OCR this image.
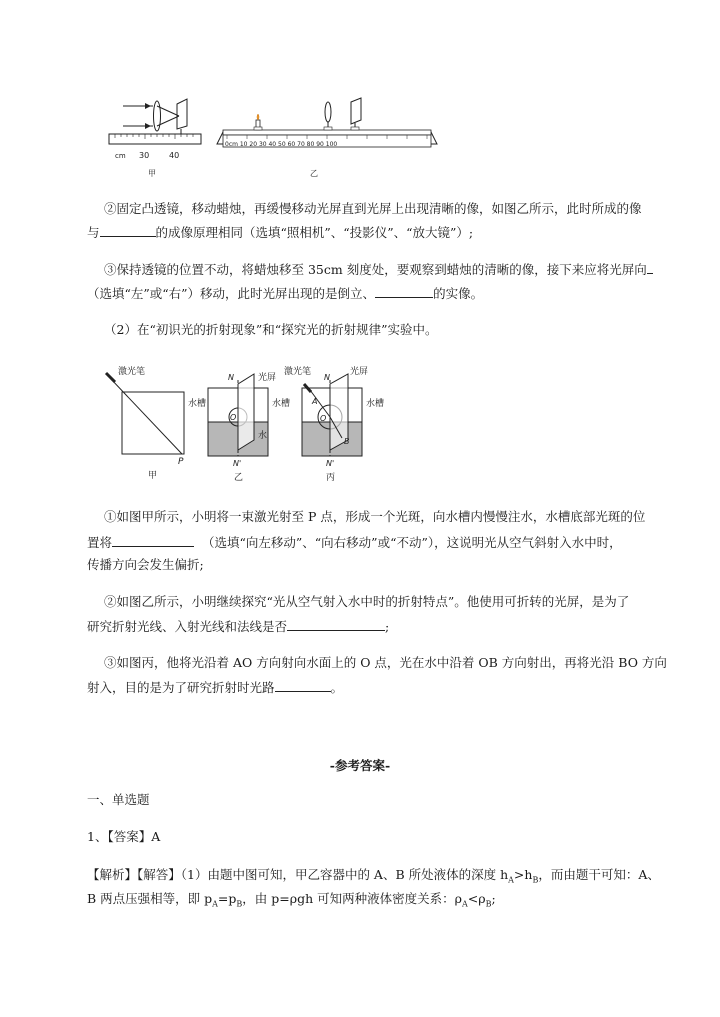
cm 30 40
甲
0cm 10 20 30 40 50 60 70 80 90 100
乙
②固定凸透镜，移动蜡烛，再缓慢移动光屏直到光屏上出现清晰的像，如图乙所示，此时所成的像
与	的成像原理相同（选填“照相机”、“投影仪”、“放大镜”）;
③保持透镜的位置不动，将蜡烛移至 35cm 刻度处，要观察到蜡烛的清晰的像，接下来应将光屏向
（选填“左”或“右”）移动，此时光屏出现的是倒立、	的实像。
（2）在“初识光的折射现象”和“探究光的折射规律”实验中。
激光笔
水槽
P
甲
N	光屏
O
水槽
水
N'
乙
激光笔
N
光屏
A
O
B
水槽
N'
丙
①如图甲所示，小明将一束激光射至 P 点，形成一个光斑，向水槽内慢慢注水，水槽底部光斑的位
置将	（选填“向左移动”、“向右移动”或“不动”），这说明光从空气斜射入水中时，
传播方向会发生偏折;
②如图乙所示，小明继续探究“光从空气射入水中时的折射特点”。他使用可折转的光屏，是为了
研究折射光线、入射光线和法线是否	;
③如图丙，他将光沿着 AO 方向射向水面上的 O 点，光在水中沿着 OB 方向射出，再将光沿 BO 方向
射入，目的是为了研究折射时光路	。
-参考答案-
一、单选题
1、【答案】A
【解析】【解答】（1）由题中图可知，甲乙容器中的 A、B 所处液体的深度 $h_A>h_B$，而由题干可知：A、
B 两点压强相等，即 $p_A=p_B$，由 p=ρgh 可知两种液体密度关系：$\rho_A<\rho_B$;
